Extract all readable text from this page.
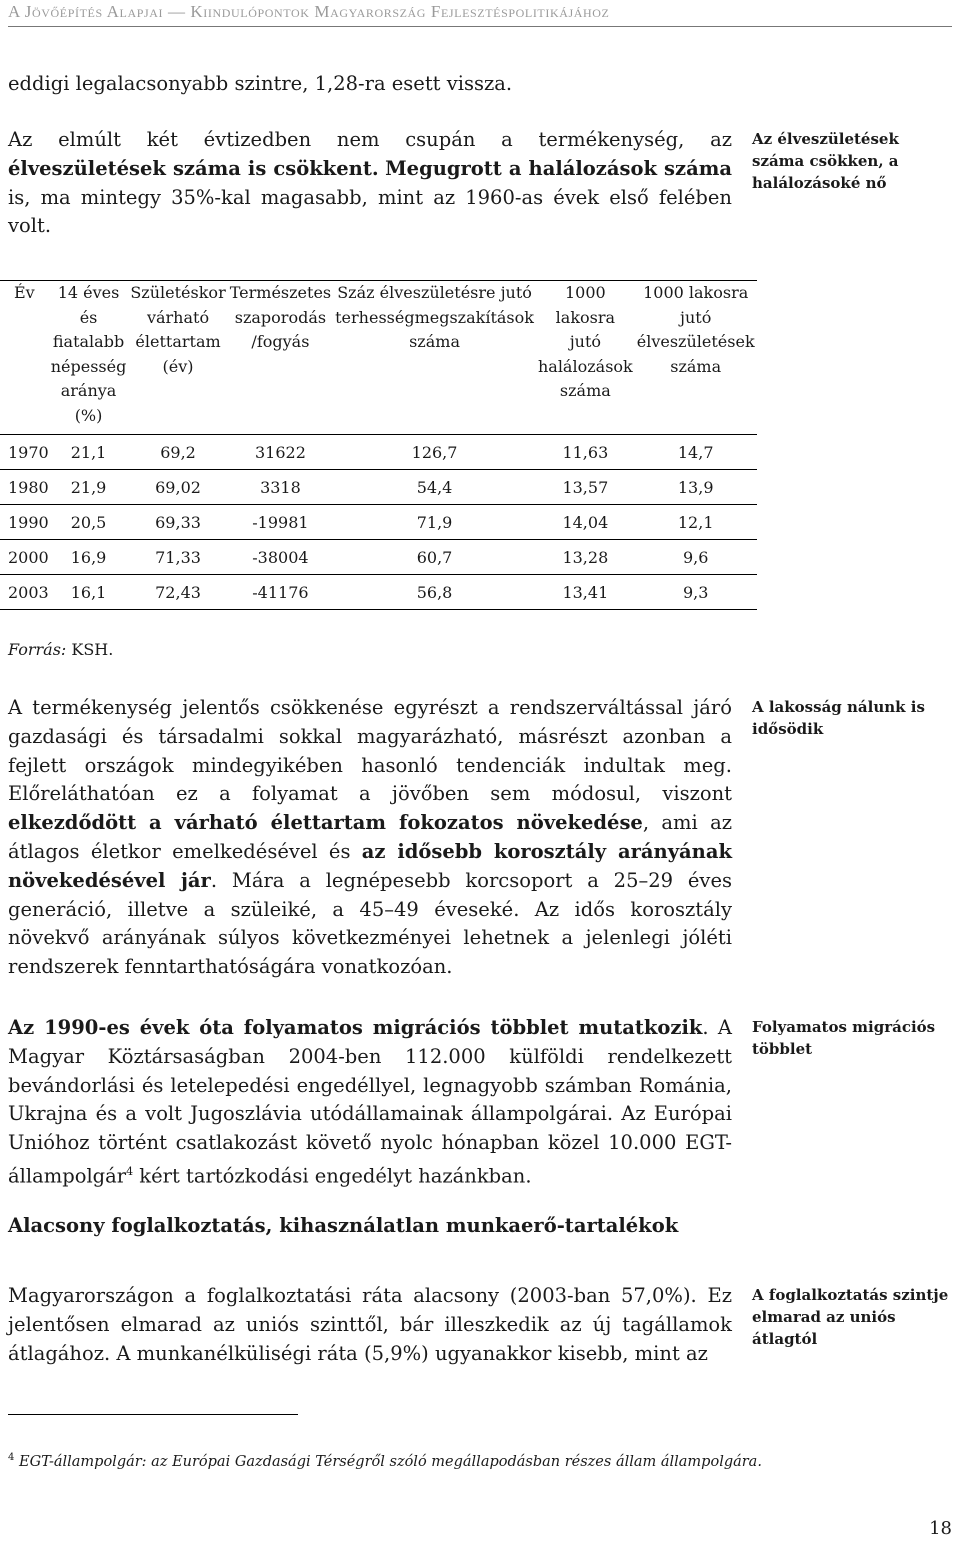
A Jövőépítés Alapjai — Kiindulópontok Magyarország Fejlesztéspolitikájához
eddigi legalacsonyabb szintre, 1,28-ra esett vissza.
Az elmúlt két évtizedben nem csupán a termékenység, az élveszületések száma is csökkent. Megugrott a halálozások száma is, ma mintegy 35%-kal magasabb, mint az 1960-as évek első felében volt.
Az élveszületések száma csökken, a halálozásoké nő
Év	14 éves és fiatalabb népesség aránya (%)	Születéskor várható élettartam (év)	Természetes szaporodás /fogyás	Száz élveszületésre jutó terhességmegszakítások száma	1000 lakosra jutó halálozások száma	1000 lakosra jutó élveszületések száma
1970	21,1	69,2	31622	126,7	11,63	14,7
1980	21,9	69,02	3318	54,4	13,57	13,9
1990	20,5	69,33	-19981	71,9	14,04	12,1
2000	16,9	71,33	-38004	60,7	13,28	9,6
2003	16,1	72,43	-41176	56,8	13,41	9,3
Forrás: KSH.
A termékenység jelentős csökkenése egyrészt a rendszerváltással járó gazdasági és társadalmi sokkal magyarázható, másrészt azonban a fejlett országok mindegyikében hasonló tendenciák indultak meg. Előreláthatóan ez a folyamat a jövőben sem módosul, viszont elkezdődött a várható élettartam fokozatos növekedése, ami az átlagos életkor emelkedésével és az idősebb korosztály arányának növekedésével jár. Mára a legnépesebb korcsoport a 25–29 éves generáció, illetve a szüleiké, a 45–49 éveseké. Az idős korosztály növekvő arányának súlyos következményei lehetnek a jelenlegi jóléti rendszerek fenntarthatóságára vonatkozóan.
A lakosság nálunk is idősödik
Az 1990-es évek óta folyamatos migrációs többlet mutatkozik. A Magyar Köztársaságban 2004-ben 112.000 külföldi rendelkezett bevándorlási és letelepedési engedéllyel, legnagyobb számban Románia, Ukrajna és a volt Jugoszlávia utódállamainak állampolgárai. Az Európai Unióhoz történt csatlakozást követő nyolc hónapban közel 10.000 EGT-állampolgár$^4$ kért tartózkodási engedélyt hazánkban.
Folyamatos migrációs többlet
Alacsony foglalkoztatás, kihasználatlan munkaerő-tartalékok
Magyarországon a foglalkoztatási ráta alacsony (2003-ban 57,0%). Ez jelentősen elmarad az uniós szinttől, bár illeszkedik az új tagállamok átlagához. A munkanélküliségi ráta (5,9%) ugyanakkor kisebb, mint az
A foglalkoztatás szintje elmarad az uniós átlagtól
$^4$ EGT-állampolgár: az Európai Gazdasági Térségről szóló megállapodásban részes állam állampolgára.
18
